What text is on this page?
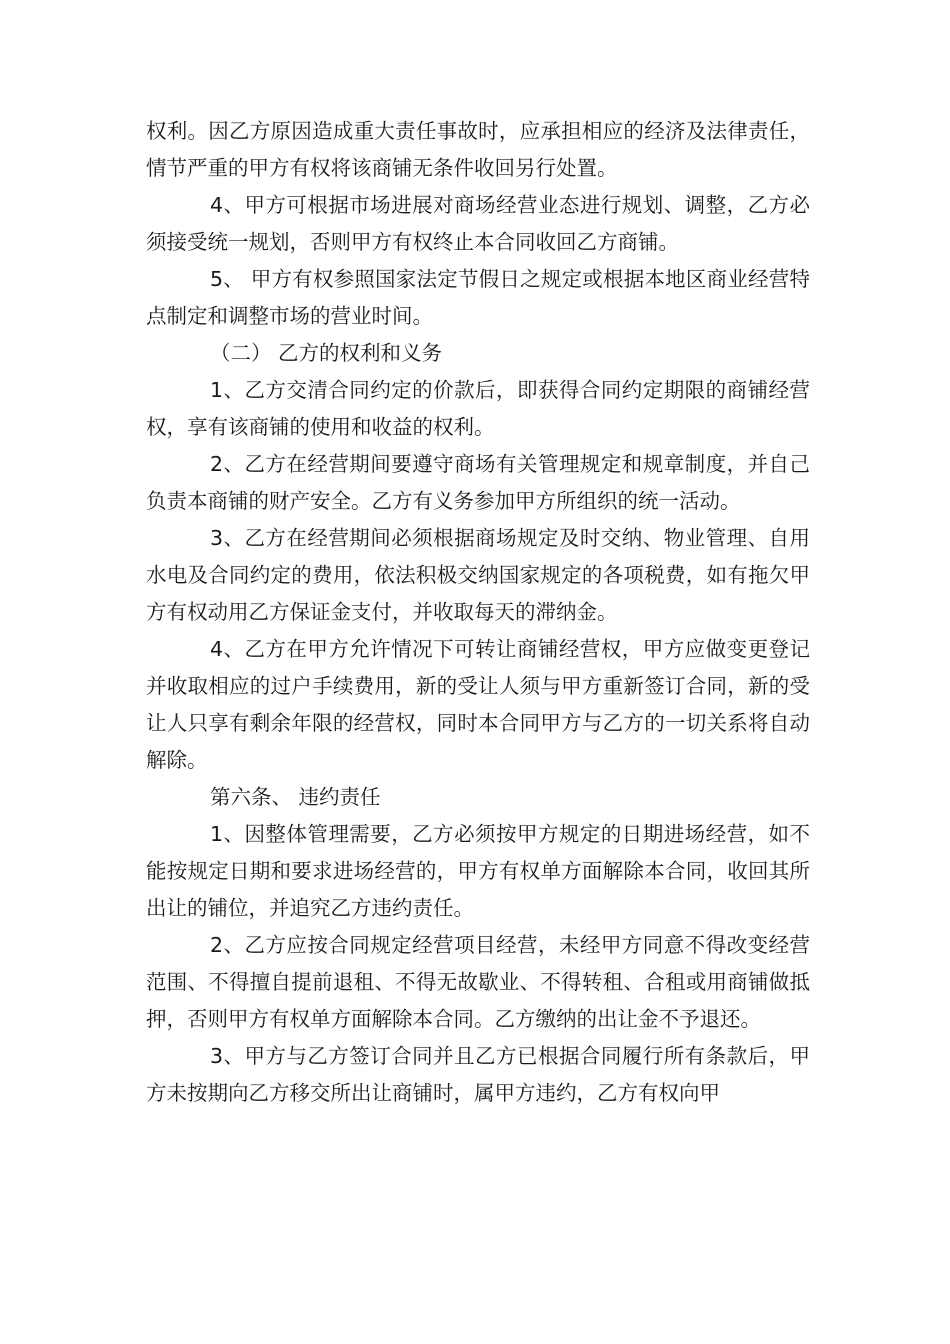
权利。因乙方原因造成重大责任事故时，应承担相应的经济及法律责任，情节严重的甲方有权将该商铺无条件收回另行处置。

4、甲方可根据市场进展对商场经营业态进行规划、调整，乙方必须接受统一规划，否则甲方有权终止本合同收回乙方商铺。

5、 甲方有权参照国家法定节假日之规定或根据本地区商业经营特点制定和调整市场的营业时间。

（二） 乙方的权利和义务

1、乙方交清合同约定的价款后，即获得合同约定期限的商铺经营权，享有该商铺的使用和收益的权利。

2、乙方在经营期间要遵守商场有关管理规定和规章制度，并自己负责本商铺的财产安全。乙方有义务参加甲方所组织的统一活动。

3、乙方在经营期间必须根据商场规定及时交纳、物业管理、自用水电及合同约定的费用，依法积极交纳国家规定的各项税费，如有拖欠甲方有权动用乙方保证金支付，并收取每天的滞纳金。

4、乙方在甲方允许情况下可转让商铺经营权，甲方应做变更登记并收取相应的过户手续费用，新的受让人须与甲方重新签订合同，新的受让人只享有剩余年限的经营权，同时本合同甲方与乙方的一切关系将自动解除。

第六条、 违约责任

1、因整体管理需要，乙方必须按甲方规定的日期进场经营，如不能按规定日期和要求进场经营的，甲方有权单方面解除本合同，收回其所出让的铺位，并追究乙方违约责任。

2、乙方应按合同规定经营项目经营，未经甲方同意不得改变经营范围、不得擅自提前退租、不得无故歇业、不得转租、合租或用商铺做抵押，否则甲方有权单方面解除本合同。乙方缴纳的出让金不予退还。

3、甲方与乙方签订合同并且乙方已根据合同履行所有条款后，甲方未按期向乙方移交所出让商铺时，属甲方违约，乙方有权向甲
